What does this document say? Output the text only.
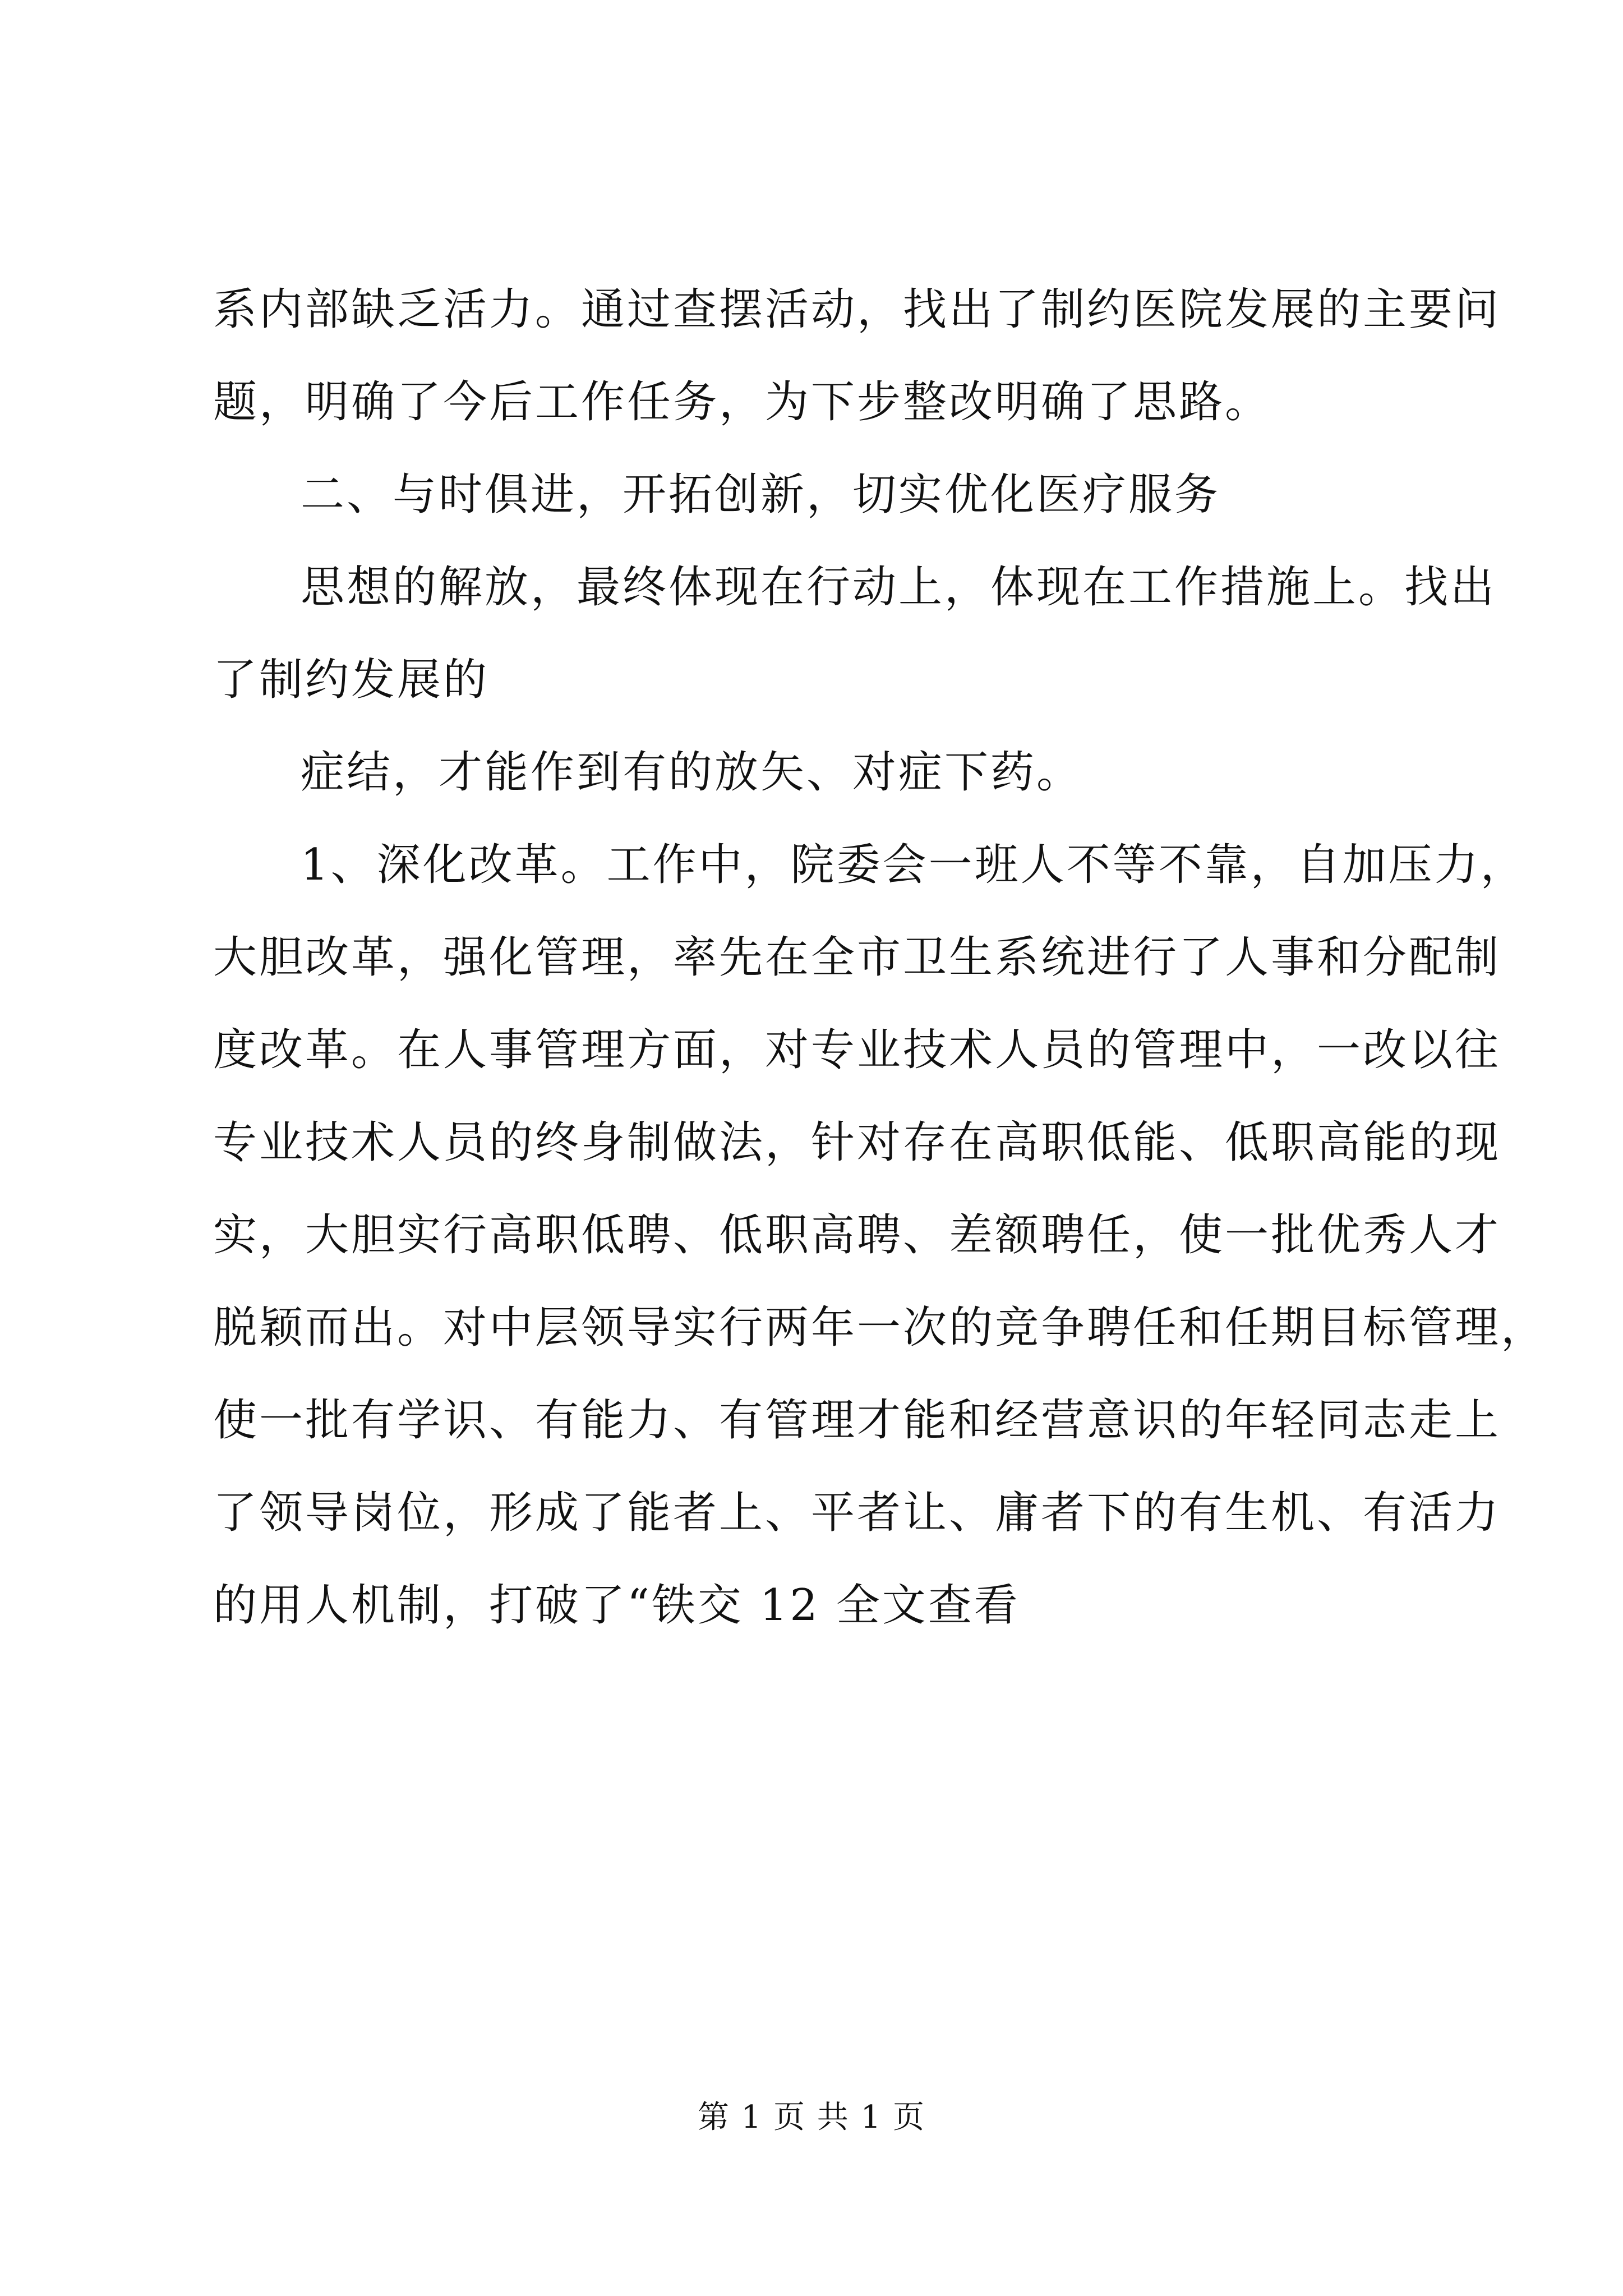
系内部缺乏活力。通过查摆活动，找出了制约医院发展的主要问
题，明确了今后工作任务，为下步整改明确了思路。
二、与时俱进，开拓创新，切实优化医疗服务
思想的解放，最终体现在行动上，体现在工作措施上。找出
了制约发展的
症结，才能作到有的放矢、对症下药。
1、深化改革。工作中，院委会一班人不等不靠，自加压力，
大胆改革，强化管理，率先在全市卫生系统进行了人事和分配制
度改革。在人事管理方面，对专业技术人员的管理中，一改以往
专业技术人员的终身制做法，针对存在高职低能、低职高能的现
实，大胆实行高职低聘、低职高聘、差额聘任，使一批优秀人才
脱颖而出。对中层领导实行两年一次的竞争聘任和任期目标管理，
使一批有学识、有能力、有管理才能和经营意识的年轻同志走上
了领导岗位，形成了能者上、平者让、庸者下的有生机、有活力
的用人机制，打破了“铁交 12 全文查看
第 1 页 共 1 页
